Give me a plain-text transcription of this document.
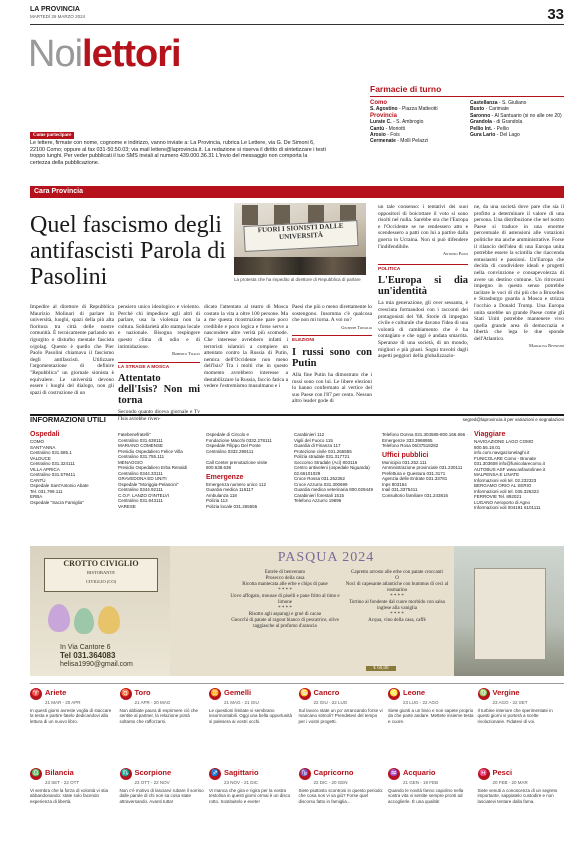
LA PROVINCIA
MARTEDÌ 26 MARZO 2024	33
Noilettori
Come partecipare
Le lettere, firmate con nome, cognome e indirizzo, vanno inviate a: La Provincia, rubrica Le Lettere, via G. De Simoni 6, 22100 Como; oppure al fax 031-50.50.03; via mail lettere@laprovincia.it. La redazione si riserva il diritto di sintetizzare i testi troppo lunghi. Per veder pubblicati il tuo SMS inviali al numero 439.000.36.31 L'invio del messaggio non comporta la certezza della pubblicazione.
Farmacie di turno
Como
S. Agostino - Piazza Matteotti
Provincia
Lurate C. - S. Ambrogio
Cantù - Moriotti
Arosio - Fois
Cermenate - Molli Pelazzi
Castellanza - S. Giuliano
Busto - Carimate
Saronno - Al Santuario (si no alle ore 20)
Grandola - di Grandola
Pellio Int. - Pellio
Gura Lario - Del Lago
Cara Provincia
Quel fascismo degli antifascisti Parola di Pasolini
FUORI I SIONISTI DALLE UNIVERSITÀ
La protesta che ha impedito al direttore di Repubblica di parlare
Impedire al direttore di Repubblica Maurizio Molinari di parlare in università, luoghi, spazi della più alta fioritura tra città delle nostre comunità. È tecnicamente parlando un rigurgito o disturbo mentale fascista o/golag. Questo è quello che Pier Paolo Pasolini chiamava il fascismo degli antifascisti. Utilizzare l'argomentazione di definire "Repubblica" un giornale sionista è equivalere. Le università devono essere i luoghi del dialogo, non gli spazi di costruzione di un
pensiero unico ideologico e violento. Perché chi impedisce agli altri di parlare, usa la violenza non la cultura. Solidarietà allo stampa locale e nazionale. Bisogna respingere questo clima di odio e di intimidazione.
Roberto Tisalis
LA STRAGE A MOSCA
Attentato dell'Isis? Non mi torna
Secondo quanto diceva giornale e Tv l'Isis avrebbe riven-
dicato l'attentato al teatro di Mosca costato la vita a oltre 100 persone. Ma a me questa ricostruzione pare poco credibile e poco logica e forse serve a nascondere altre verità più scomode. Che interesse avrebbero infatti i terroristi islamici a compiere un attentato contro la Russia di Putin, nemica dell'Occidente non meno dell'Isis? Tra i molti che in questo momento avrebbero interesse a destabilizzare la Russia, faccio fatica a vedere l'estremismo musulmano e i
Paesi che più o meno direttamente lo sostengono. Insomma c'è qualcosa che non mi torna. A voi no?
Giuseppe Trisolio
ELEZIONI
I russi sono con Putin
Alla fine Putin ha dimostrato che i russi sono con lui. Le libere elezioni lo hanno confermato al vertice del suo Paese con l'87 per cento. Nessun altro leader gode di
un tale consenso: i tentativi dei suoi oppositori di boicottare il voto si sono risolti nel nulla. Sarebbe ora che l'Europa e l'Occidente se ne rendessero atto e scendessero a patti con lui a partire dalla guerra in Ucraina. Non si può difendere l'indifendibile.
Antonio Pozzi
POLITICA
L'Europa si dia un'identità
La mia generazione, gli over sessanta, è cresciuta formandosi con i racconti dei protagonisti del '68. Storie di impegno civile e culturale che davano l'idea di una volontà di cambiamento che è ha contagiato e che oggi è andata smarrita. Speranze di una società, di un mondo, migliori e più giusti. Sogni travolti dagli aspetti peggiori della globalizzazio-
ne, da una società dove pare che sia il profitto a determinare il valore di una persona. Una distribuzione che nel nostro Paese si traduce in una enorme percentuale di astensioni alle votazioni politiche ma anche amministrative. Forse il rilancio dell'idea di una Europa unita potrebbe essere la scintilla che riaccenda entusiasmi e passioni. Un'Europa che decida di condividere ideali e progetti nella convinzione e consapevolezza di avere un destino comune. Un ritrovarsi impegno in questo senso potrebbe tacitare le voci di chi più che a Bruxelles e Strasburgo guarda a Mosca e strizza l'occhio a Donald Trump. Una Europa unita sarebbe un grande Paese come gli Stati Uniti potrebbe mantenere vivo quella grande area di democrazia e libertà che lega le due sponde dell'Atlantico.
Marialisa Riversini
INFORMAZIONI UTILI	segred@laprovincia.it per variazioni e segnalazioni
Ospedali
COMO
SANT'ANNA
Centralino 031.585.1
VALDUCE
Centralino 031.324111
VILLA APRICA
Centralino 031.579411
CANTÙ
Ospedale Sant'Antonio Abate
Tel. 031.799.111
ERBA
Ospedale "Sacra Famiglia"
Fatebenefratelli"
Centralino 031.638111
MARIANO COMENSE
Presidio Ospedaliero Felice Villa
Centralino 031.755.111
MENAGGIO
Presidio Ospedaliero Erba Renaldi
Centralino 0344.33111
GRAVEDONA ED UNITI
Ospedale "Moriggia-Pelascini"
Centralino 0344.92111
C.O.F. LANZO D'INTELVI
Centralino 031.843111
VARESE
Ospedale di Circolo e
Fondazione Macchi 0332.278111
Ospedale Filippo Del Ponte
Centralino 0332.299111

Call Center prenotazione visite
800.638.638
Emergenze
Emergenza numero unico 112
Guardia medica 116117
Ambulanza 118
Polizia 113
Polizia locale 031.265555
Carabinieri 112
Vigili del Fuoco 115
Guardia di Finanza 117
Protezione civile 031.265555
Polizia stradale 031.317721
Soccorso Stradale (Aci) 803116
Centro antiveleni (ospedale Niguarda) 02.66101029
Croce Rossa 031.262362
Croce Azzurra 031.300699
Guardia medica veterinaria 800.029449
Carabinieri forestali 1515
Telefono Azzurro 19696
Telefono Donna 031.304585-800.166.656 · Emergenze 333.3968955
Telefono Rosa 06/37518282
Uffici pubblici
Municipio 031.252.111
Amministrazione provinciale 031.230111
Prefettura e Questura 031.3171
Agenzia delle Entrate 031.33781
Inps 803164
Inail 031.3375411
Consultorio familiare 031.243816
Viaggiare
NAVIGAZIONE LAGO COMO
800.55.18.01
info.com.navigazionelaghi.it
FUNICOLARE Como - Brunate
031.303608 info@funicolarecomo.it
AUTOBUS ASF www.asfautolinee.it
MALPENSA E LINATE
Informazioni voli tel. 02.232323
BERGAMO ORIO AL SERIO
Informazioni voli tel. 035.326323
FERROVIE Tel. 892021
LUGANO Aeroporto di Agno
Informazioni voli 004191 6101111
CROTTO CIVIGLIO
RISTORANTE
CIVIGLIO (CO)
In Via Cantore 6
Tel 031.364083
helisa1990@gmail.com
PASQUA 2024
Entrée di benvenuto
Prosecco della casa
Ricotta mantecata alle erbe e chips di pane
* * * *
Uovo affogato, mousse di piselli e pane fritto al timo e limone
* * * *
Risotto agli asparagi e gruè di cacao
Gnocchi di patate al ragout bianco di pescatrice, olive taggiasche al profumo d'arancia
Capretto arrosto alle erbe con patate croccanti
O
Noci di capesante atlantiche con hummus di ceci al rosmarino
* * * *
Tortino al fondente dal cuore morbido con salsa inglese alla vaniglia
* * * *
Acqua, vino della casa, caffè
€ 60,00
♈ Ariete
21 MAR - 20 APR
In questi giorni avreste voglia di staccare la testa e partire fatelo dedicandovi alla lettura di un nuovo libro.
♉ Toro
21 APR - 20 MAG
Non abbiate paura di esprimere ciò che sentite al partner, la relazione potrà soltanto che rafforzarsi.
♊ Gemelli
21 MAG - 21 GIU
Le questioni limitate vi sembrano insormontabili. Oggi una bella opportunità si palesera ai vostri occhi.
♋ Cancro
22 GIU - 22 LUG
Sul lavoro state un po' arrancando forse vi mancano stimoli? Prendetevi del tempo per i vostri progetti.
♌ Leone
23 LUG - 22 AGO
Siete giunti a un bivio e non sapete proprio da che parte andare. Mettete insieme testa e cuore.
♍ Vergine
23 AGO - 22 SET
Il turbine interiore che sperimentate in questi giorni vi porterà a scelte rivoluzionarie. Fidatevi di voi.
♎ Bilancia
23 SET - 22 OTT
Vi sembra che la forza di volontà vi stia abbandonando: state solo facendo esperienza di libertà.
♏ Scorpione
23 OTT - 22 NOV
Non c'è motivo di lasciarvi rubare il sorriso dalle parole di chi non sa cosa state attraversando. Avanti tutta!
♐ Sagittario
23 NOV - 21 DIC
Vi manca che gira e rigira per la vostra testolina in questi giorni ormai è un disco rotto. Sostituitelo e evete!
♑ Capricorno
22 DIC - 20 GEN
Siete piuttosto scontrosi in questo periodo: che cosa non vi va giù? Forse quel discorso fatto in famiglia...
♒ Acquario
21 GEN - 19 FEB
Quando le novità fanno capolino nella vostra vita vi sentite sempre pronti ad accoglierle. È una qualità!
♓ Pesci
20 FEB - 20 MAR
Siete venuti a conoscenza di un segreto importante, sappiatelo custodire e non lasciatevi tentare dalla fama.
